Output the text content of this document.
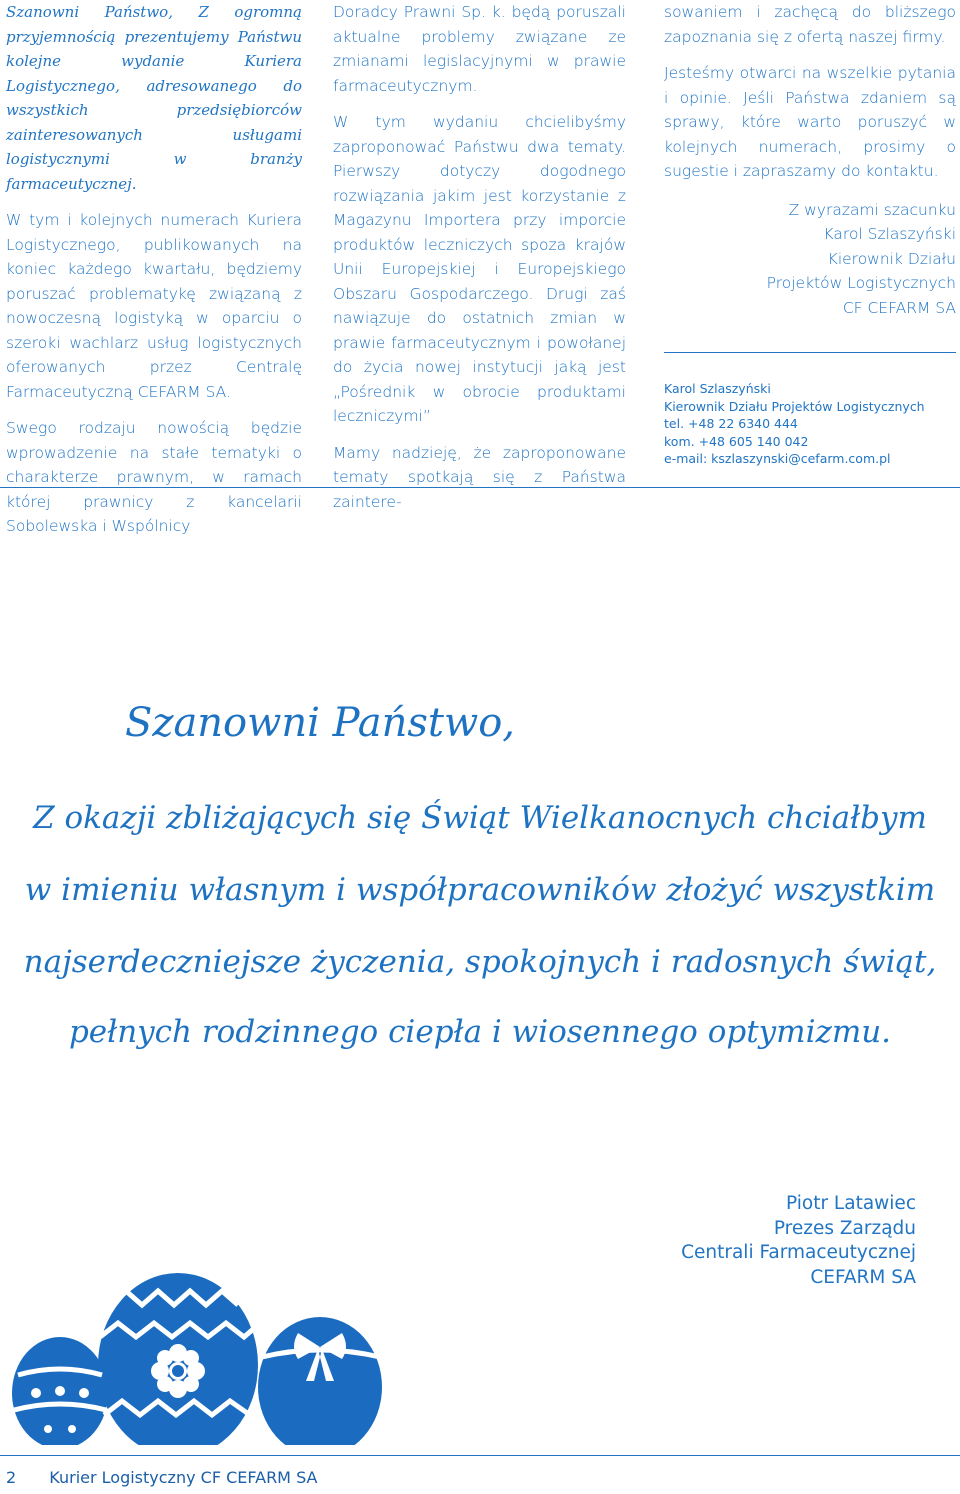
Szanowni Państwo, Z ogromną przyjemnością prezentujemy Państwu kolejne wydanie Kuriera Logistycznego, adresowanego do wszystkich przedsiębiorców zainteresowanych usługami logistycznymi w branży farmaceutycznej.

W tym i kolejnych numerach Kuriera Logistycznego, publikowanych na koniec każdego kwartału, będziemy poruszać problematykę związaną z nowoczesną logistyką w oparciu o szeroki wachlarz usług logistycznych oferowanych przez Centralę Farmaceutyczną CEFARM SA.

Swego rodzaju nowością będzie wprowadzenie na stałe tematyki o charakterze prawnym, w ramach której prawnicy z kancelarii Sobolewska i Wspólnicy

Doradcy Prawni Sp. k. będą poruszali aktualne problemy związane ze zmianami legislacyjnymi w prawie farmaceutycznym.

W tym wydaniu chcielibyśmy zaproponować Państwu dwa tematy. Pierwszy dotyczy dogodnego rozwiązania jakim jest korzystanie z Magazynu Importera przy imporcie produktów leczniczych spoza krajów Unii Europejskiej i Europejskiego Obszaru Gospodarczego. Drugi zaś nawiązuje do ostatnich zmian w prawie farmaceutycznym i powołanej do życia nowej instytucji jaką jest „Pośrednik w obrocie produktami leczniczymi”

Mamy nadzieję, że zaproponowane tematy spotkają się z Państwa zaintere-

sowaniem i zachęcą do bliższego zapoznania się z ofertą naszej firmy.

Jesteśmy otwarci na wszelkie pytania i opinie. Jeśli Państwa zdaniem są sprawy, które warto poruszyć w kolejnych numerach, prosimy o sugestie i zapraszamy do kontaktu.

Z wyrazami szacunku
Karol Szlaszyński
Kierownik Działu
Projektów Logistycznych
CF CEFARM SA
Karol Szlaszyński
Kierownik Działu Projektów Logistycznych
tel. +48 22 6340 444
kom. +48 605 140 042
e-mail: kszlaszynski@cefarm.com.pl
Szanowni Państwo,
Z okazji zbliżających się Świąt Wielkanocnych chciałbym
w imieniu własnym i współpracowników złożyć wszystkim
najserdeczniejsze życzenia, spokojnych i radosnych świąt,
pełnych rodzinnego ciepła i wiosennego optymizmu.
Piotr Latawiec
Prezes Zarządu
Centrali Farmaceutycznej
CEFARM SA
2 Kurier Logistyczny CF CEFARM SA
